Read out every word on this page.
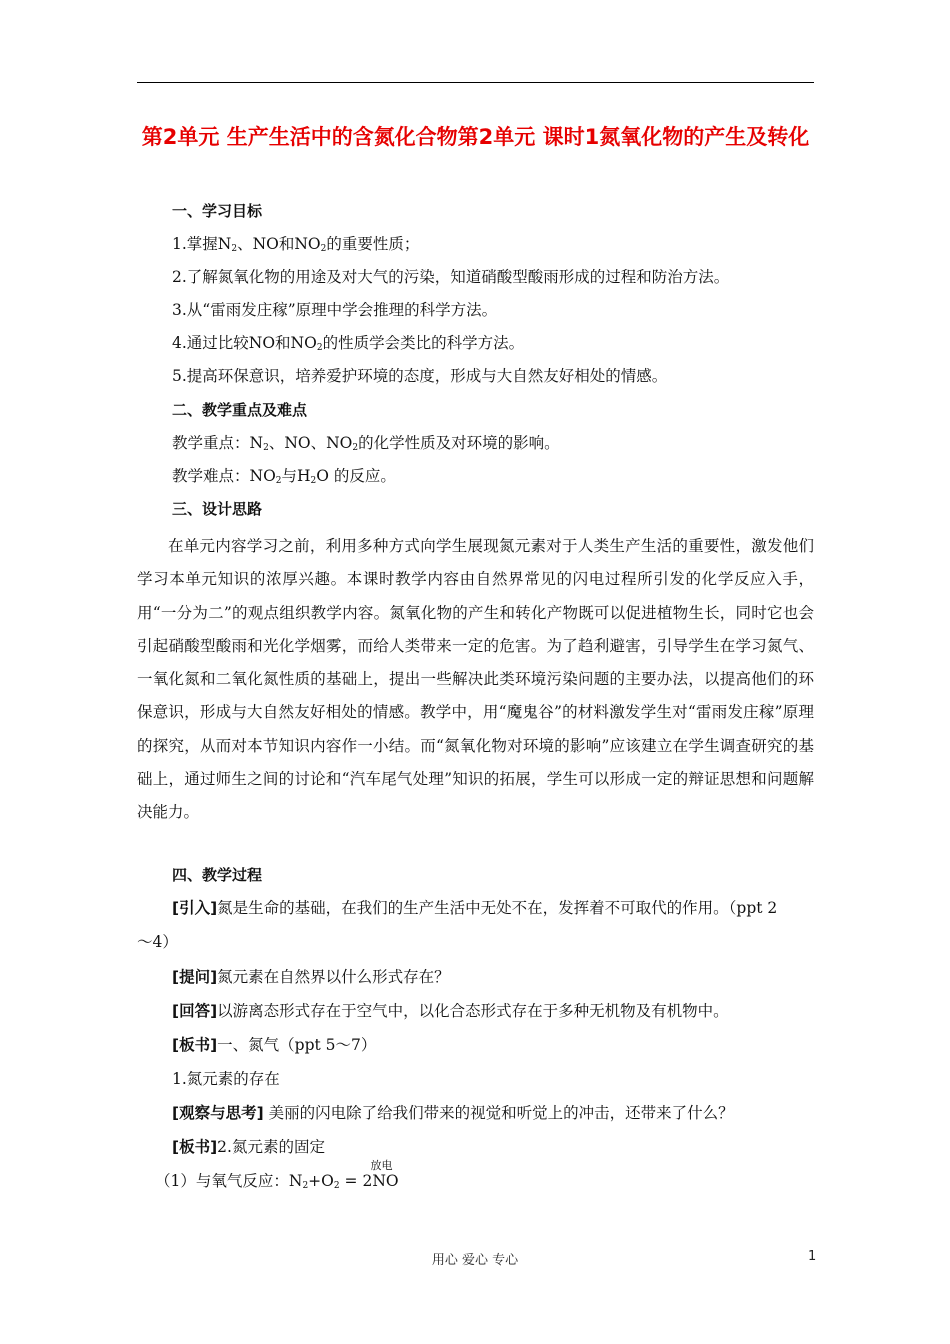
第2单元 生产生活中的含氮化合物第2单元 课时1氮氧化物的产生及转化
一、学习目标
1.掌握$N_2$、NO和$NO_2$的重要性质；
2.了解氮氧化物的用途及对大气的污染，知道硝酸型酸雨形成的过程和防治方法。
3.从“雷雨发庄稼”原理中学会推理的科学方法。
4.通过比较NO和$NO_2$的性质学会类比的科学方法。
5.提高环保意识，培养爱护环境的态度，形成与大自然友好相处的情感。
二、教学重点及难点
教学重点：$N_2$、NO、$NO_2$的化学性质及对环境的影响。
教学难点：$NO_2$与$H_2O$ 的反应。
三、设计思路
在单元内容学习之前，利用多种方式向学生展现氮元素对于人类生产生活的重要性，激发他们学习本单元知识的浓厚兴趣。本课时教学内容由自然界常见的闪电过程所引发的化学反应入手，用“一分为二”的观点组织教学内容。氮氧化物的产生和转化产物既可以促进植物生长，同时它也会引起硝酸型酸雨和光化学烟雾，而给人类带来一定的危害。为了趋利避害，引导学生在学习氮气、一氧化氮和二氧化氮性质的基础上，提出一些解决此类环境污染问题的主要办法，以提高他们的环保意识，形成与大自然友好相处的情感。教学中，用“魔鬼谷”的材料激发学生对“雷雨发庄稼”原理的探究，从而对本节知识内容作一小结。而“氮氧化物对环境的影响”应该建立在学生调查研究的基础上，通过师生之间的讨论和“汽车尾气处理”知识的拓展，学生可以形成一定的辩证思想和问题解决能力。
四、教学过程
[引入]氮是生命的基础，在我们的生产生活中无处不在，发挥着不可取代的作用。（ppt 2
～4）
[提问]氮元素在自然界以什么形式存在？
[回答]以游离态形式存在于空气中，以化合态形式存在于多种无机物及有机物中。
[板书]一、氮气（ppt 5～7）
1.氮元素的存在
[观察与思考] 美丽的闪电除了给我们带来的视觉和听觉上的冲击，还带来了什么？
[板书]2.氮元素的固定
（1）与氧气反应：$N_2+O_2 = 2NO$
放电
用心 爱心 专心	1
